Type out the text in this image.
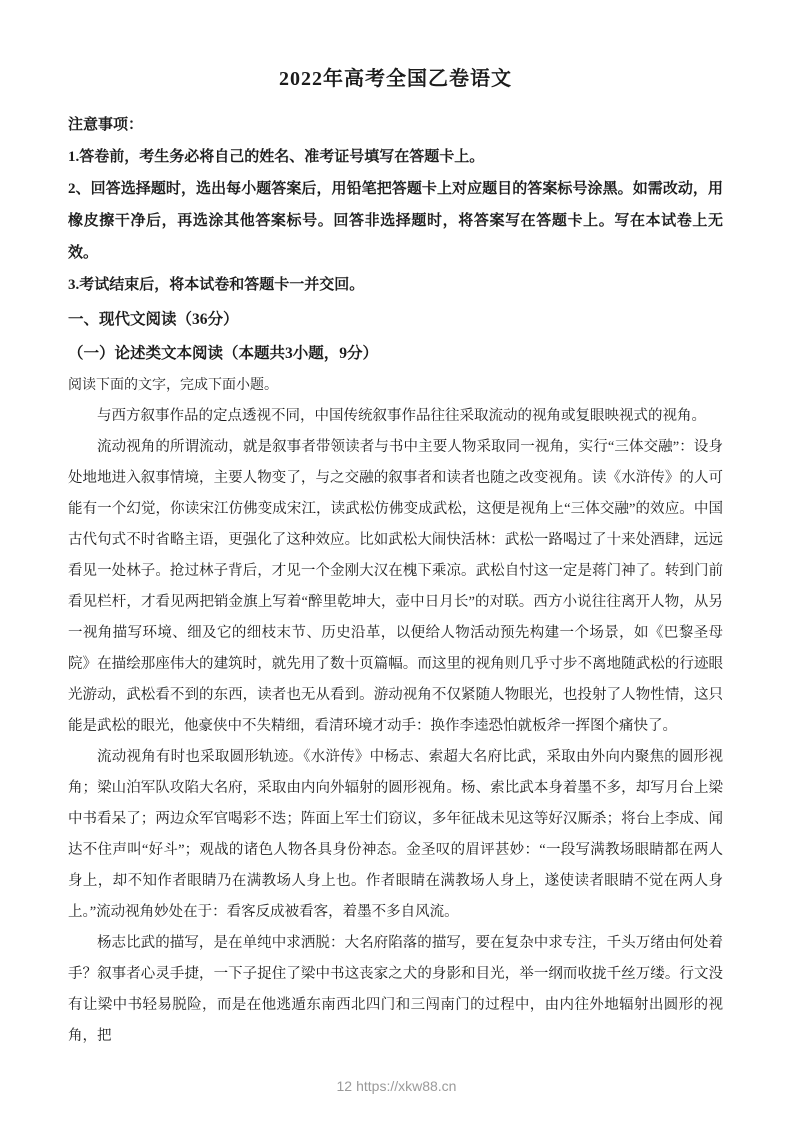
2022年高考全国乙卷语文

注意事项：

1.答卷前，考生务必将自己的姓名、准考证号填写在答题卡上。

2、回答选择题时，选出每小题答案后，用铅笔把答题卡上对应题目的答案标号涂黑。如需改动，用橡皮擦干净后，再选涂其他答案标号。回答非选择题时，将答案写在答题卡上。写在本试卷上无效。

3.考试结束后，将本试卷和答题卡一并交回。

一、现代文阅读（36分）

（一）论述类文本阅读（本题共3小题，9分）

阅读下面的文字，完成下面小题。

与西方叙事作品的定点透视不同，中国传统叙事作品往往采取流动的视角或复眼映视式的视角。

流动视角的所谓流动，就是叙事者带领读者与书中主要人物采取同一视角，实行“三体交融”：设身处地地进入叙事情境，主要人物变了，与之交融的叙事者和读者也随之改变视角。读《水浒传》的人可能有一个幻觉，你读宋江仿佛变成宋江，读武松仿佛变成武松，这便是视角上“三体交融”的效应。中国古代句式不时省略主语，更强化了这种效应。比如武松大闹快活林：武松一路喝过了十来处酒肆，远远看见一处林子。抢过林子背后，才见一个金刚大汉在槐下乘凉。武松自忖这一定是蒋门神了。转到门前看见栏杆，才看见两把销金旗上写着“醉里乾坤大，壶中日月长”的对联。西方小说往往离开人物，从另一视角描写环境、细及它的细枝末节、历史沿革，以便给人物活动预先构建一个场景，如《巴黎圣母院》在描绘那座伟大的建筑时，就先用了数十页篇幅。而这里的视角则几乎寸步不离地随武松的行迹眼光游动，武松看不到的东西，读者也无从看到。游动视角不仅紧随人物眼光，也投射了人物性情，这只能是武松的眼光，他豪侠中不失精细，看清环境才动手：换作李逵恐怕就板斧一挥图个痛快了。

流动视角有时也采取圆形轨迹。《水浒传》中杨志、索超大名府比武，采取由外向内聚焦的圆形视角；梁山泊军队攻陷大名府，采取由内向外辐射的圆形视角。杨、索比武本身着墨不多，却写月台上梁中书看呆了；两边众军官喝彩不迭；阵面上军士们窃议，多年征战未见这等好汉厮杀；将台上李成、闻达不住声叫“好斗”；观战的诸色人物各具身份神态。金圣叹的眉评甚妙：“一段写满教场眼睛都在两人身上，却不知作者眼睛乃在满教场人身上也。作者眼睛在满教场人身上，遂使读者眼睛不觉在两人身上。”流动视角妙处在于：看客反成被看客，着墨不多自风流。

杨志比武的描写，是在单纯中求洒脱：大名府陷落的描写，要在复杂中求专注，千头万绪由何处着手？叙事者心灵手捷，一下子捉住了梁中书这丧家之犬的身影和目光，举一纲而收拢千丝万缕。行文没有让梁中书轻易脱险，而是在他逃遁东南西北四门和三闯南门的过程中，由内往外地辐射出圆形的视角，把

12 https://xkw88.cn
